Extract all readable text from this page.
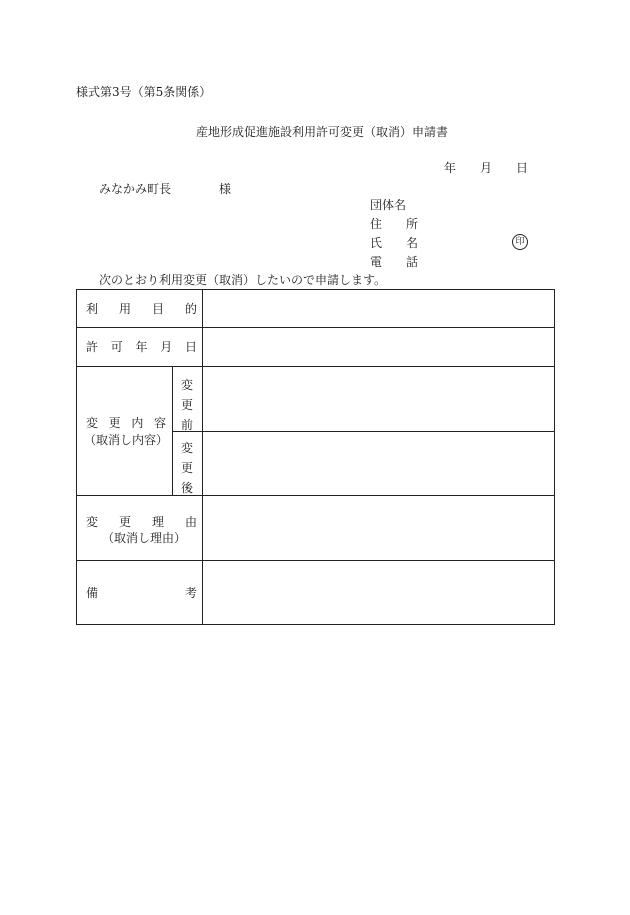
様式第3号（第5条関係）
産地形成促進施設利用許可変更（取消）申請書
年 月 日
みなかみ町長	様
団体名
住 所
氏 名	印
電 話
次のとおり利用変更（取消）したいので申請します。
利 用 目 的
許 可 年 月 日
変 更 内 容
（取消し内容）
変
更
前
変
更
後
変 更 理 由
（取消し理由）
備	考
